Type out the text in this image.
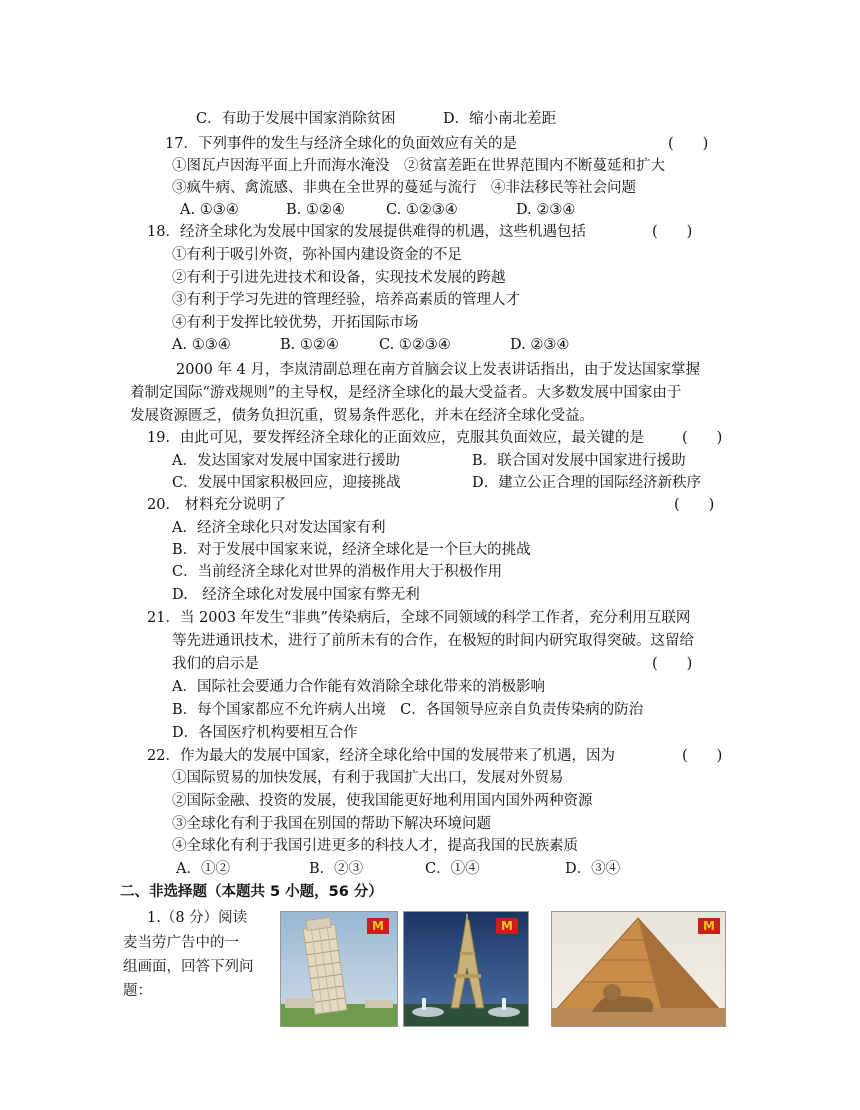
C．有助于发展中国家消除贫困	D．缩小南北差距
17．下列事件的发生与经济全球化的负面效应有关的是	(　　)
①图瓦卢因海平面上升而海水淹没　②贫富差距在世界范围内不断蔓延和扩大
③疯牛病、禽流感、非典在全世界的蔓延与流行　④非法移民等社会问题
A. ①③④	B. ①②④	C. ①②③④	D. ②③④
18．经济全球化为发展中国家的发展提供难得的机遇，这些机遇包括	(　　)
①有利于吸引外资，弥补国内建设资金的不足
②有利于引进先进技术和设备，实现技术发展的跨越
③有利于学习先进的管理经验，培养高素质的管理人才
④有利于发挥比较优势，开拓国际市场
A. ①③④	B. ①②④	C. ①②③④	D. ②③④
2000 年 4 月，李岚清副总理在南方首脑会议上发表讲话指出，由于发达国家掌握
着制定国际“游戏规则”的主导权，是经济全球化的最大受益者。大多数发展中国家由于
发展资源匮乏，债务负担沉重，贸易条件恶化，并未在经济全球化受益。
19．由此可见，要发挥经济全球化的正面效应，克服其负面效应，最关键的是	(　　)
A．发达国家对发展中国家进行援助	B．联合国对发展中国家进行援助
C．发展中国家积极回应，迎接挑战	D．建立公正合理的国际经济新秩序
20． 材料充分说明了	(　　)
A．经济全球化只对发达国家有利
B．对于发展中国家来说，经济全球化是一个巨大的挑战
C．当前经济全球化对世界的消极作用大于积极作用
D.　经济全球化对发展中国家有弊无利
21．当 2003 年发生“非典”传染病后，全球不同领域的科学工作者，充分利用互联网
等先进通讯技术，进行了前所未有的合作，在极短的时间内研究取得突破。这留给
我们的启示是	(　　)
A．国际社会要通力合作能有效消除全球化带来的消极影响
B．每个国家都应不允许病人出境　C．各国领导应亲自负责传染病的防治
D．各国医疗机构要相互合作
22．作为最大的发展中国家，经济全球化给中国的发展带来了机遇，因为	(　　)
①国际贸易的加快发展，有利于我国扩大出口，发展对外贸易
②国际金融、投资的发展，使我国能更好地利用国内国外两种资源
③全球化有利于我国在别国的帮助下解决环境问题
④全球化有利于我国引进更多的科技人才，提高我国的民族素质
A．①②	B．②③	C．①④	D．③④
二、非选择题（本题共 5 小题，56 分）
1.（8 分）阅读
麦当劳广告中的一
组画面，回答下列问
题：
M	M	M
